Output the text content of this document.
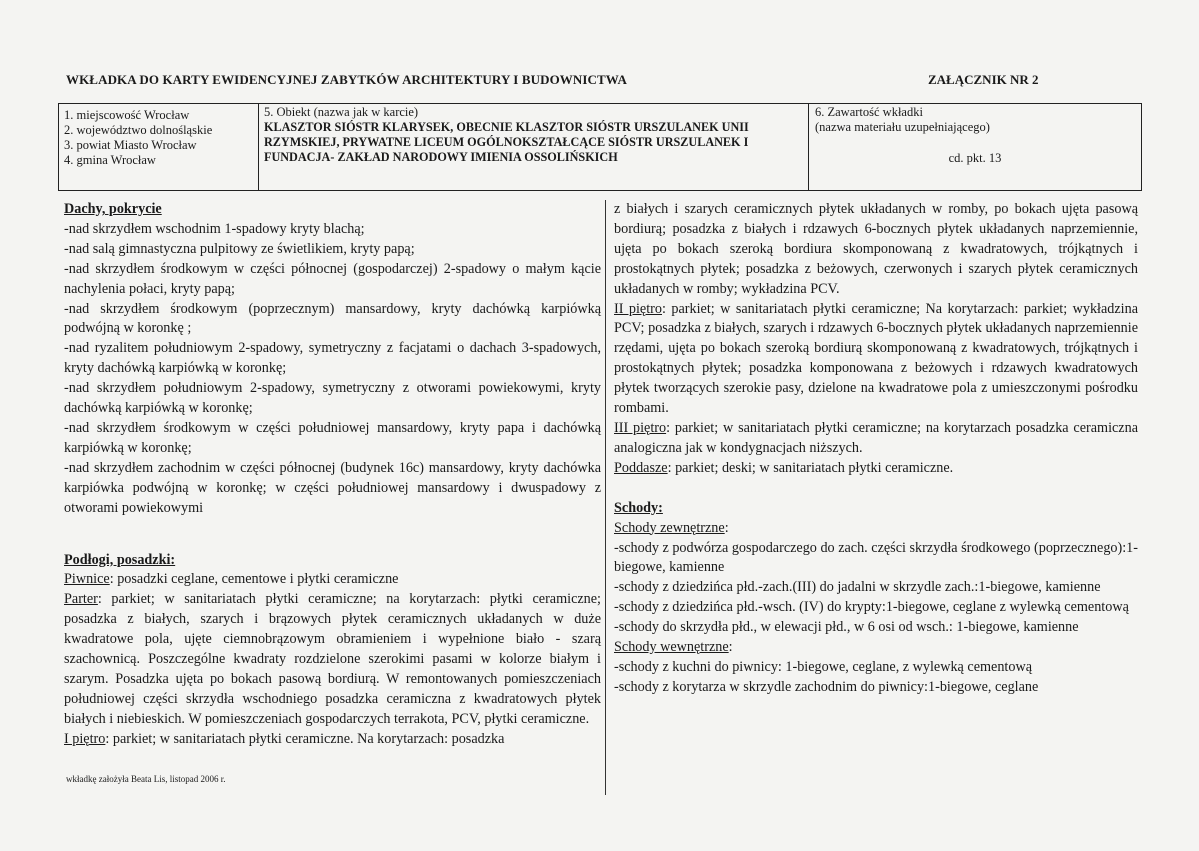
WKŁADKA DO KARTY EWIDENCYJNEJ ZABYTKÓW ARCHITEKTURY I BUDOWNICTWA	ZAŁĄCZNIK NR 2
1. miejscowość Wrocław
2. województwo dolnośląskie
3. powiat Miasto Wrocław
4. gmina Wrocław
5. Obiekt (nazwa jak w karcie)
KLASZTOR SIÓSTR KLARYSEK, OBECNIE KLASZTOR SIÓSTR URSZULANEK UNII RZYMSKIEJ, PRYWATNE LICEUM OGÓLNOKSZTAŁCĄCE SIÓSTR URSZULANEK I FUNDACJA- ZAKŁAD NARODOWY IMIENIA OSSOLIŃSKICH
6. Zawartość wkładki
(nazwa materiału uzupełniającego)
cd. pkt. 13

Dachy, pokrycie

-nad skrzydłem wschodnim 1-spadowy kryty blachą;

-nad salą gimnastyczna pulpitowy ze świetlikiem, kryty papą;

-nad skrzydłem środkowym w części północnej (gospodarczej) 2-spadowy o małym kącie nachylenia połaci, kryty papą;

-nad skrzydłem środkowym (poprzecznym) mansardowy, kryty dachówką karpiówką podwójną w koronkę ;

-nad ryzalitem południowym 2-spadowy, symetryczny z facjatami o dachach 3-spadowych, kryty dachówką karpiówką w koronkę;

-nad skrzydłem południowym 2-spadowy, symetryczny z otworami powiekowymi, kryty dachówką karpiówką w koronkę;

-nad skrzydłem środkowym w części południowej mansardowy, kryty papa i dachówką karpiówką w koronkę;

-nad skrzydłem zachodnim w części północnej (budynek 16c) mansardowy, kryty dachówka karpiówka podwójną w koronkę; w części południowej mansardowy i dwuspadowy z otworami powiekowymi

Podłogi, posadzki:

Piwnice: posadzki ceglane, cementowe i płytki ceramiczne

Parter: parkiet; w sanitariatach płytki ceramiczne; na korytarzach: płytki ceramiczne; posadzka z białych, szarych i brązowych płytek ceramicznych układanych w duże kwadratowe pola, ujęte ciemnobrązowym obramieniem i wypełnione biało - szarą szachownicą. Poszczególne kwadraty rozdzielone szerokimi pasami w kolorze białym i szarym. Posadzka ujęta po bokach pasową bordiurą. W remontowanych pomieszczeniach południowej części skrzydła wschodniego posadzka ceramiczna z kwadratowych płytek białych i niebieskich. W pomieszczeniach gospodarczych terrakota, PCV, płytki ceramiczne.

I piętro: parkiet; w sanitariatach płytki ceramiczne. Na korytarzach: posadzka

z białych i szarych ceramicznych płytek układanych w romby, po bokach ujęta pasową bordiurą; posadzka z białych i rdzawych 6-bocznych płytek układanych naprzemiennie, ujęta po bokach szeroką bordiura skomponowaną z kwadratowych, trójkątnych i prostokątnych płytek; posadzka z beżowych, czerwonych i szarych płytek ceramicznych układanych w romby; wykładzina PCV.

II piętro: parkiet; w sanitariatach płytki ceramiczne; Na korytarzach: parkiet; wykładzina PCV; posadzka z białych, szarych i rdzawych 6-bocznych płytek układanych naprzemiennie rzędami, ujęta po bokach szeroką bordiurą skomponowaną z kwadratowych, trójkątnych i prostokątnych płytek; posadzka komponowana z beżowych i rdzawych kwadratowych płytek tworzących szerokie pasy, dzielone na kwadratowe pola z umieszczonymi pośrodku rombami.

III piętro: parkiet; w sanitariatach płytki ceramiczne; na korytarzach posadzka ceramiczna analogiczna jak w kondygnacjach niższych.

Poddasze: parkiet; deski; w sanitariatach płytki ceramiczne.

Schody:

Schody zewnętrzne:

-schody z podwórza gospodarczego do zach. części skrzydła środkowego (poprzecznego):1-biegowe, kamienne

-schody z dziedzińca płd.-zach.(III) do jadalni w skrzydle zach.:1-biegowe, kamienne

-schody z dziedzińca płd.-wsch. (IV) do krypty:1-biegowe, ceglane z wylewką cementową

-schody do skrzydła płd., w elewacji płd., w 6 osi od wsch.: 1-biegowe, kamienne

Schody wewnętrzne:

-schody z kuchni do piwnicy: 1-biegowe, ceglane, z wylewką cementową

-schody z korytarza w skrzydle zachodnim do piwnicy:1-biegowe, ceglane

wkładkę założyła Beata Lis, listopad 2006 r.
